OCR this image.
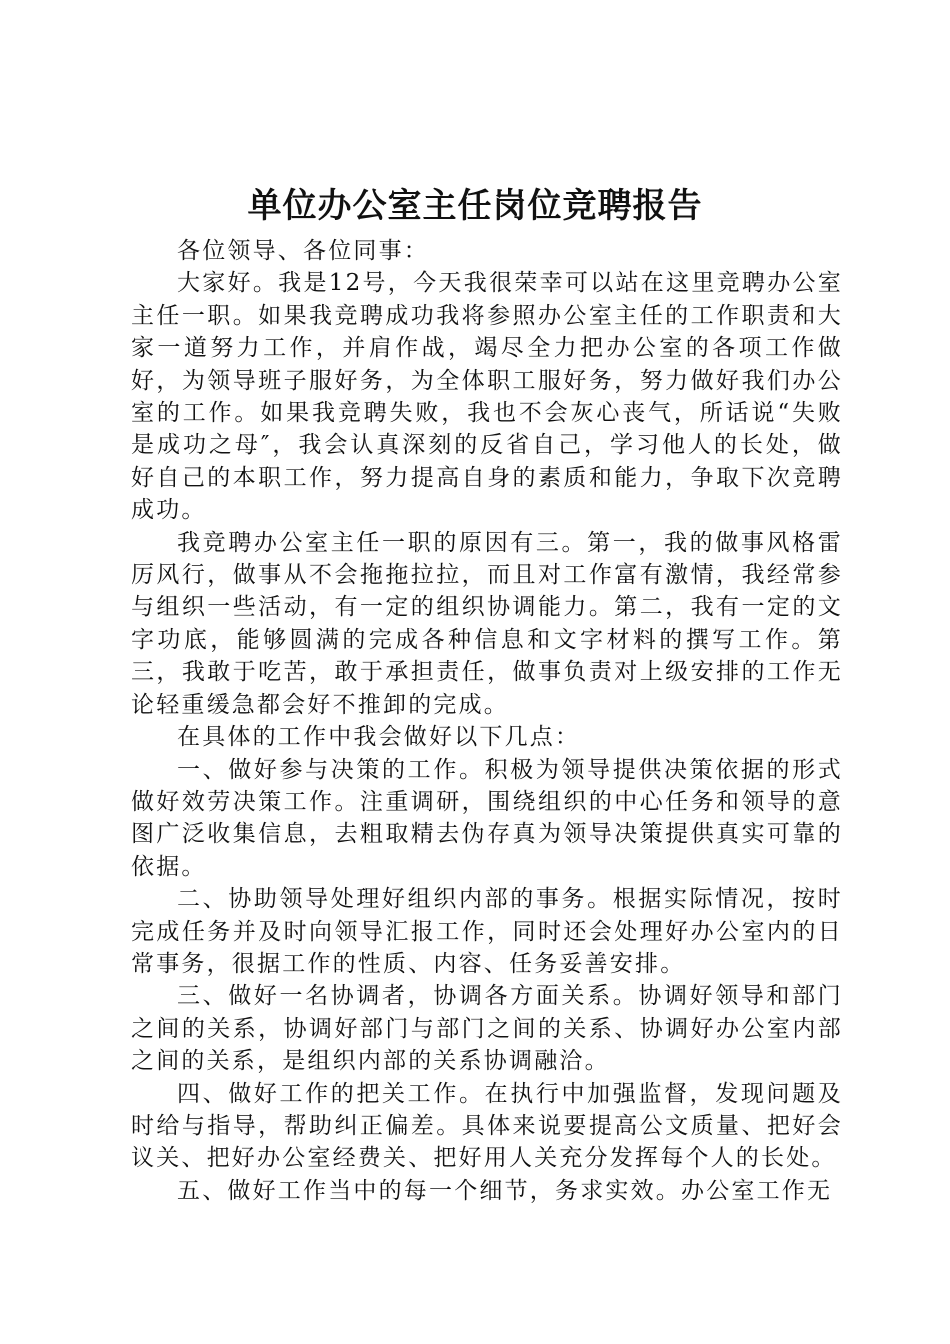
单位办公室主任岗位竞聘报告

各位领导、各位同事：

大家好。我是12号，今天我很荣幸可以站在这里竞聘办公室主任一职。如果我竞聘成功我将参照办公室主任的工作职责和大家一道努力工作，并肩作战，竭尽全力把办公室的各项工作做好，为领导班子服好务，为全体职工服好务，努力做好我们办公室的工作。如果我竞聘失败，我也不会灰心丧气，所话说“失败是成功之母″，我会认真深刻的反省自己，学习他人的长处，做好自己的本职工作，努力提高自身的素质和能力，争取下次竞聘成功。

我竞聘办公室主任一职的原因有三。第一，我的做事风格雷厉风行，做事从不会拖拖拉拉，而且对工作富有激情，我经常参与组织一些活动，有一定的组织协调能力。第二，我有一定的文字功底，能够圆满的完成各种信息和文字材料的撰写工作。第三，我敢于吃苦，敢于承担责任，做事负责对上级安排的工作无论轻重缓急都会好不推卸的完成。

在具体的工作中我会做好以下几点：

一、做好参与决策的工作。积极为领导提供决策依据的形式做好效劳决策工作。注重调研，围绕组织的中心任务和领导的意图广泛收集信息，去粗取精去伪存真为领导决策提供真实可靠的依据。

二、协助领导处理好组织内部的事务。根据实际情况，按时完成任务并及时向领导汇报工作，同时还会处理好办公室内的日常事务，很据工作的性质、内容、任务妥善安排。

三、做好一名协调者，协调各方面关系。协调好领导和部门之间的关系，协调好部门与部门之间的关系、协调好办公室内部之间的关系，是组织内部的关系协调融洽。

四、做好工作的把关工作。在执行中加强监督，发现问题及时给与指导，帮助纠正偏差。具体来说要提高公文质量、把好会议关、把好办公室经费关、把好用人关充分发挥每个人的长处。

五、做好工作当中的每一个细节，务求实效。办公室工作无
